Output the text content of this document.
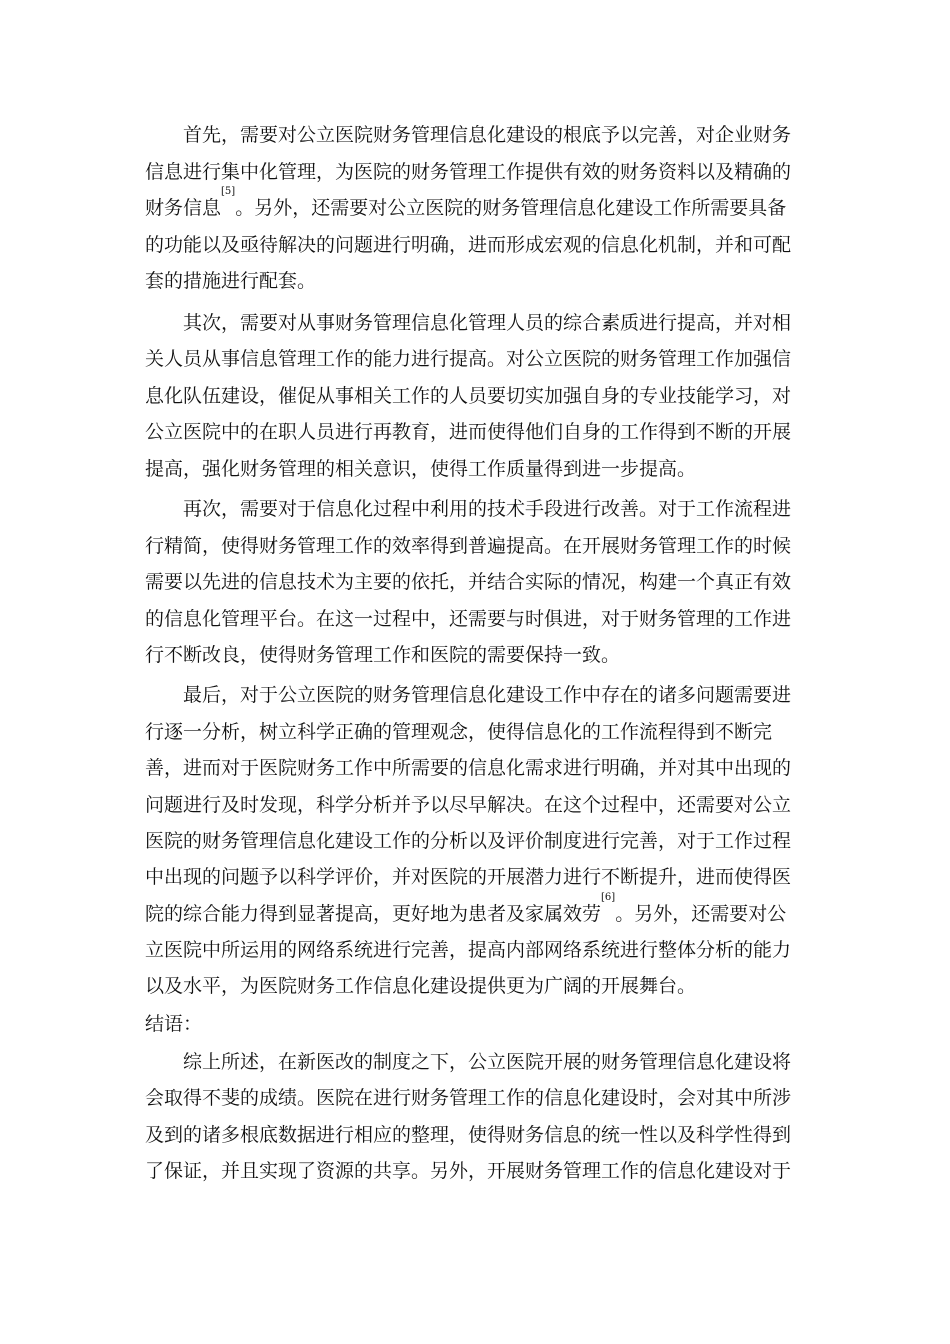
首先，需要对公立医院财务管理信息化建设的根底予以完善，对企业财务
信息进行集中化管理，为医院的财务管理工作提供有效的财务资料以及精确的
财务信息[5]。另外，还需要对公立医院的财务管理信息化建设工作所需要具备
的功能以及亟待解决的问题进行明确，进而形成宏观的信息化机制，并和可配
套的措施进行配套。
其次，需要对从事财务管理信息化管理人员的综合素质进行提高，并对相
关人员从事信息管理工作的能力进行提高。对公立医院的财务管理工作加强信
息化队伍建设，催促从事相关工作的人员要切实加强自身的专业技能学习，对
公立医院中的在职人员进行再教育，进而使得他们自身的工作得到不断的开展
提高，强化财务管理的相关意识，使得工作质量得到进一步提高。
再次，需要对于信息化过程中利用的技术手段进行改善。对于工作流程进
行精简，使得财务管理工作的效率得到普遍提高。在开展财务管理工作的时候
需要以先进的信息技术为主要的依托，并结合实际的情况，构建一个真正有效
的信息化管理平台。在这一过程中，还需要与时俱进，对于财务管理的工作进
行不断改良，使得财务管理工作和医院的需要保持一致。
最后，对于公立医院的财务管理信息化建设工作中存在的诸多问题需要进
行逐一分析，树立科学正确的管理观念，使得信息化的工作流程得到不断完
善，进而对于医院财务工作中所需要的信息化需求进行明确，并对其中出现的
问题进行及时发现，科学分析并予以尽早解决。在这个过程中，还需要对公立
医院的财务管理信息化建设工作的分析以及评价制度进行完善，对于工作过程
中出现的问题予以科学评价，并对医院的开展潜力进行不断提升，进而使得医
院的综合能力得到显著提高，更好地为患者及家属效劳[6]。另外，还需要对公
立医院中所运用的网络系统进行完善，提高内部网络系统进行整体分析的能力
以及水平，为医院财务工作信息化建设提供更为广阔的开展舞台。
结语：
综上所述，在新医改的制度之下，公立医院开展的财务管理信息化建设将
会取得不斐的成绩。医院在进行财务管理工作的信息化建设时，会对其中所涉
及到的诸多根底数据进行相应的整理，使得财务信息的统一性以及科学性得到
了保证，并且实现了资源的共享。另外，开展财务管理工作的信息化建设对于
